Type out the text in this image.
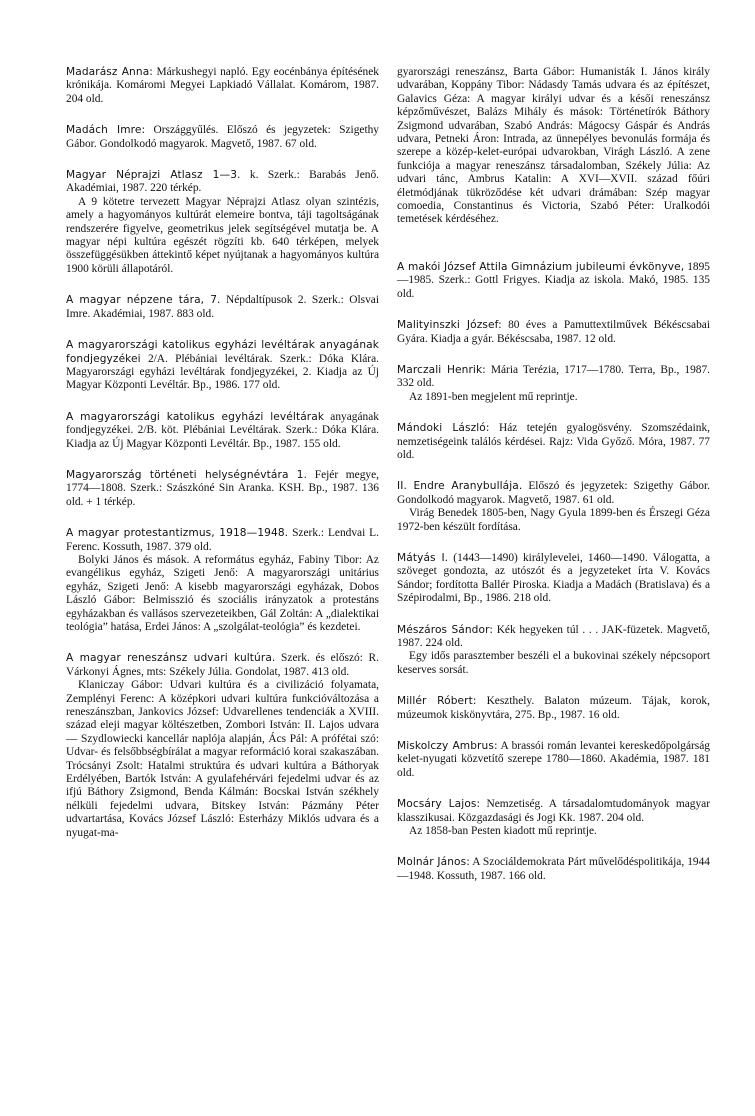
Madarász Anna: Márkushegyi napló. Egy eocénbánya építésének krónikája. Komáromi Megyei Lapkiadó Vállalat. Komárom, 1987. 204 old.

Madách Imre: Országgyűlés. Előszó és jegyzetek: Szigethy Gábor. Gondolkodó magyarok. Magvető, 1987. 67 old.

Magyar Néprajzi Atlasz 1—3. k. Szerk.: Barabás Jenő. Akadémiai, 1987. 220 térkép.

A 9 kötetre tervezett Magyar Néprajzi Atlasz olyan szintézis, amely a hagyományos kultúrát elemeire bontva, táji tagoltságának rendszerére figyelve, geometrikus jelek segítségével mutatja be. A magyar népi kultúra egészét rögzíti kb. 640 térképen, melyek összefüggésükben áttekintő képet nyújtanak a hagyományos kultúra 1900 körüli állapotáról.

A magyar népzene tára, 7. Népdaltípusok 2. Szerk.: Olsvai Imre. Akadémiai, 1987. 883 old.

A magyarországi katolikus egyházi levéltárak anyagának fondjegyzékei 2/A. Plébániai levéltárak. Szerk.: Dóka Klára. Magyarországi egyházi levéltárak fondjegyzékei, 2. Kiadja az Új Magyar Központi Levéltár. Bp., 1986. 177 old.

A magyarországi katolikus egyházi levéltárak anyagának fondjegyzékei. 2/B. köt. Plébániai Levéltárak. Szerk.: Dóka Klára. Kiadja az Új Magyar Központi Levéltár. Bp., 1987. 155 old.

Magyarország történeti helységnévtára 1. Fejér megye, 1774—1808. Szerk.: Szászkóné Sin Aranka. KSH. Bp., 1987. 136 old. + 1 térkép.

A magyar protestantizmus, 1918—1948. Szerk.: Lendvai L. Ferenc. Kossuth, 1987. 379 old.

Bolyki János és mások. A református egyház, Fabiny Tibor: Az evangélikus egyház, Szigeti Jenő: A magyarországi unitárius egyház, Szigeti Jenő: A kisebb magyarországi egyházak, Dobos László Gábor: Belmisszió és szociális irányzatok a protestáns egyházakban és vallásos szervezeteikben, Gál Zoltán: A „dialektikai teológia” hatása, Erdei János: A „szolgálat-teológia” és kezdetei.

A magyar reneszánsz udvari kultúra. Szerk. és előszó: R. Várkonyi Ágnes, mts: Székely Júlia. Gondolat, 1987. 413 old.

Klaniczay Gábor: Udvari kultúra és a civilizáció folyamata, Zemplényi Ferenc: A középkori udvari kultúra funkcióváltozása a reneszánszban, Jankovics József: Udvarellenes tendenciák a XVIII. század eleji magyar költészetben, Zombori István: II. Lajos udvara — Szydlowiecki kancellár naplója alapján, Ács Pál: A prófétai szó: Udvar- és felsőbbségbírálat a magyar reformáció korai szakaszában. Trócsányi Zsolt: Hatalmi struktúra és udvari kultúra a Báthoryak Erdélyében, Bartók István: A gyulafehérvári fejedelmi udvar és az ifjú Báthory Zsigmond, Benda Kálmán: Bocskai István székhely nélküli fejedelmi udvara, Bitskey István: Pázmány Péter udvartartása, Kovács József László: Esterházy Miklós udvara és a nyugat-ma-

gyarországi reneszánsz, Barta Gábor: Humanisták I. János király udvarában, Koppány Tibor: Nádasdy Tamás udvara és az építészet, Galavics Géza: A magyar királyi udvar és a késői reneszánsz képzőművészet, Balázs Mihály és mások: Történetírók Báthory Zsigmond udvarában, Szabó András: Mágocsy Gáspár és András udvara, Petneki Áron: Intrada, az ünnepélyes bevonulás formája és szerepe a közép-kelet-európai udvarokban, Virágh László. A zene funkciója a magyar reneszánsz társadalomban, Székely Júlia: Az udvari tánc, Ambrus Katalin: A XVI—XVII. század főúri életmódjának tükröződése két udvari drámában: Szép magyar comoedia, Constantinus és Victoria, Szabó Péter: Uralkodói temetések kérdéséhez.

A makói József Attila Gimnázium jubileumi évkönyve, 1895—1985. Szerk.: Gottl Frigyes. Kiadja az iskola. Makó, 1985. 135 old.

Malityinszki József: 80 éves a Pamuttextilművek Békéscsabai Gyára. Kiadja a gyár. Békéscsaba, 1987. 12 old.

Marczali Henrik: Mária Terézia, 1717—1780. Terra, Bp., 1987. 332 old.

Az 1891-ben megjelent mű reprintje.

Mándoki László: Ház tetején gyalogösvény. Szomszédaink, nemzetiségeink találós kérdései. Rajz: Vida Győző. Móra, 1987. 77 old.

II. Endre Aranybullája. Előszó és jegyzetek: Szigethy Gábor. Gondolkodó magyarok. Magvető, 1987. 61 old.

Virág Benedek 1805-ben, Nagy Gyula 1899-ben és Érszegi Géza 1972-ben készült fordítása.

Mátyás I. (1443—1490) királylevelei, 1460—1490. Válogatta, a szöveget gondozta, az utószót és a jegyzeteket írta V. Kovács Sándor; fordította Ballér Piroska. Kiadja a Madách (Bratislava) és a Szépirodalmi, Bp., 1986. 218 old.

Mészáros Sándor: Kék hegyeken túl . . . JAK-füzetek. Magvető, 1987. 224 old.

Egy idős parasztember beszéli el a bukovinai székely népcsoport keserves sorsát.

Millér Róbert: Keszthely. Balaton múzeum. Tájak, korok, múzeumok kiskönyvtára, 275. Bp., 1987. 16 old.

Miskolczy Ambrus: A brassói román levantei kereskedőpolgárság kelet-nyugati közvetítő szerepe 1780—1860. Akadémia, 1987. 181 old.

Mocsáry Lajos: Nemzetiség. A társadalomtudományok magyar klasszikusai. Közgazdasági és Jogi Kk. 1987. 204 old.

Az 1858-ban Pesten kiadott mű reprintje.

Molnár János: A Szociáldemokrata Párt művelődéspolitikája, 1944—1948. Kossuth, 1987. 166 old.
